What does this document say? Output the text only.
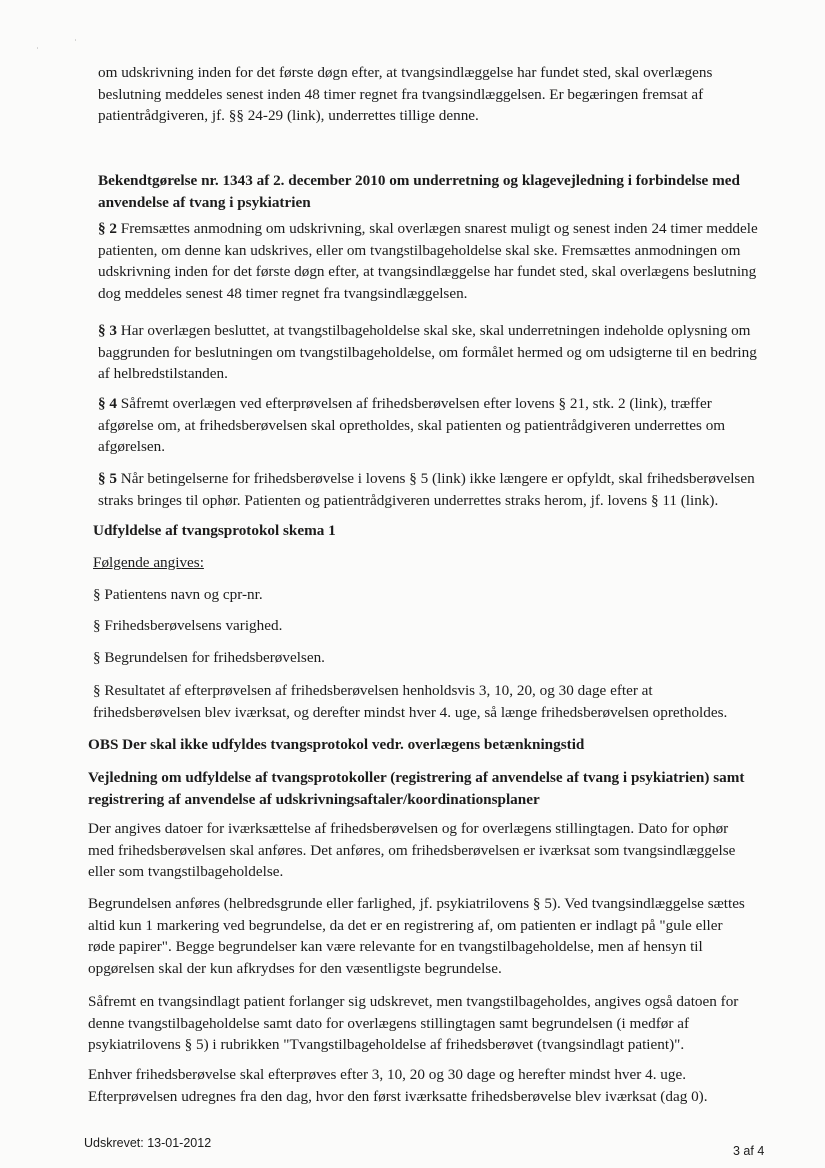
˙
˙

om udskrivning inden for det første døgn efter, at tvangsindlæggelse har fundet sted, skal overlægens beslutning meddeles senest inden 48 timer regnet fra tvangsindlæggelsen. Er begæringen fremsat af patientrådgiveren, jf. §§ 24-29 (link), underrettes tillige denne.

Bekendtgørelse nr. 1343 af 2. december 2010 om underretning og klagevejledning i forbindelse med anvendelse af tvang i psykiatrien

§ 2 Fremsættes anmodning om udskrivning, skal overlægen snarest muligt og senest inden 24 timer meddele patienten, om denne kan udskrives, eller om tvangstilbageholdelse skal ske. Fremsættes anmodningen om udskrivning inden for det første døgn efter, at tvangsindlæggelse har fundet sted, skal overlægens beslutning dog meddeles senest 48 timer regnet fra tvangsindlæggelsen.

§ 3 Har overlægen besluttet, at tvangstilbageholdelse skal ske, skal underretningen indeholde oplysning om baggrunden for beslutningen om tvangstilbageholdelse, om formålet hermed og om udsigterne til en bedring af helbredstilstanden.

§ 4 Såfremt overlægen ved efterprøvelsen af frihedsberøvelsen efter lovens § 21, stk. 2 (link), træffer afgørelse om, at frihedsberøvelsen skal opretholdes, skal patienten og patientrådgiveren underrettes om afgørelsen.

§ 5 Når betingelserne for frihedsberøvelse i lovens § 5 (link) ikke længere er opfyldt, skal frihedsberøvelsen straks bringes til ophør. Patienten og patientrådgiveren underrettes straks herom, jf. lovens § 11 (link).

Udfyldelse af tvangsprotokol skema 1

Følgende angives:

§ Patientens navn og cpr-nr.

§ Frihedsberøvelsens varighed.

§ Begrundelsen for frihedsberøvelsen.

§ Resultatet af efterprøvelsen af frihedsberøvelsen henholdsvis 3, 10, 20, og 30 dage efter at frihedsberøvelsen blev iværksat, og derefter mindst hver 4. uge, så længe frihedsberøvelsen opretholdes.

OBS Der skal ikke udfyldes tvangsprotokol vedr. overlægens betænkningstid

Vejledning om udfyldelse af tvangsprotokoller (registrering af anvendelse af tvang i psykiatrien) samt registrering af anvendelse af udskrivningsaftaler/koordinationsplaner

Der angives datoer for iværksættelse af frihedsberøvelsen og for overlægens stillingtagen. Dato for ophør med frihedsberøvelsen skal anføres. Det anføres, om frihedsberøvelsen er iværksat som tvangsindlæggelse eller som tvangstilbageholdelse.

Begrundelsen anføres (helbredsgrunde eller farlighed, jf. psykiatrilovens § 5). Ved tvangsindlæggelse sættes altid kun 1 markering ved begrundelse, da det er en registrering af, om patienten er indlagt på "gule eller røde papirer". Begge begrundelser kan være relevante for en tvangstilbageholdelse, men af hensyn til opgørelsen skal der kun afkrydses for den væsentligste begrundelse.

Såfremt en tvangsindlagt patient forlanger sig udskrevet, men tvangstilbageholdes, angives også datoen for denne tvangstilbageholdelse samt dato for overlægens stillingtagen samt begrundelsen (i medfør af psykiatrilovens § 5) i rubrikken "Tvangstilbageholdelse af frihedsberøvet (tvangsindlagt patient)".

Enhver frihedsberøvelse skal efterprøves efter 3, 10, 20 og 30 dage og herefter mindst hver 4. uge. Efterprøvelsen udregnes fra den dag, hvor den først iværksatte frihedsberøvelse blev iværksat (dag 0).

Udskrevet: 13-01-2012
3 af 4
